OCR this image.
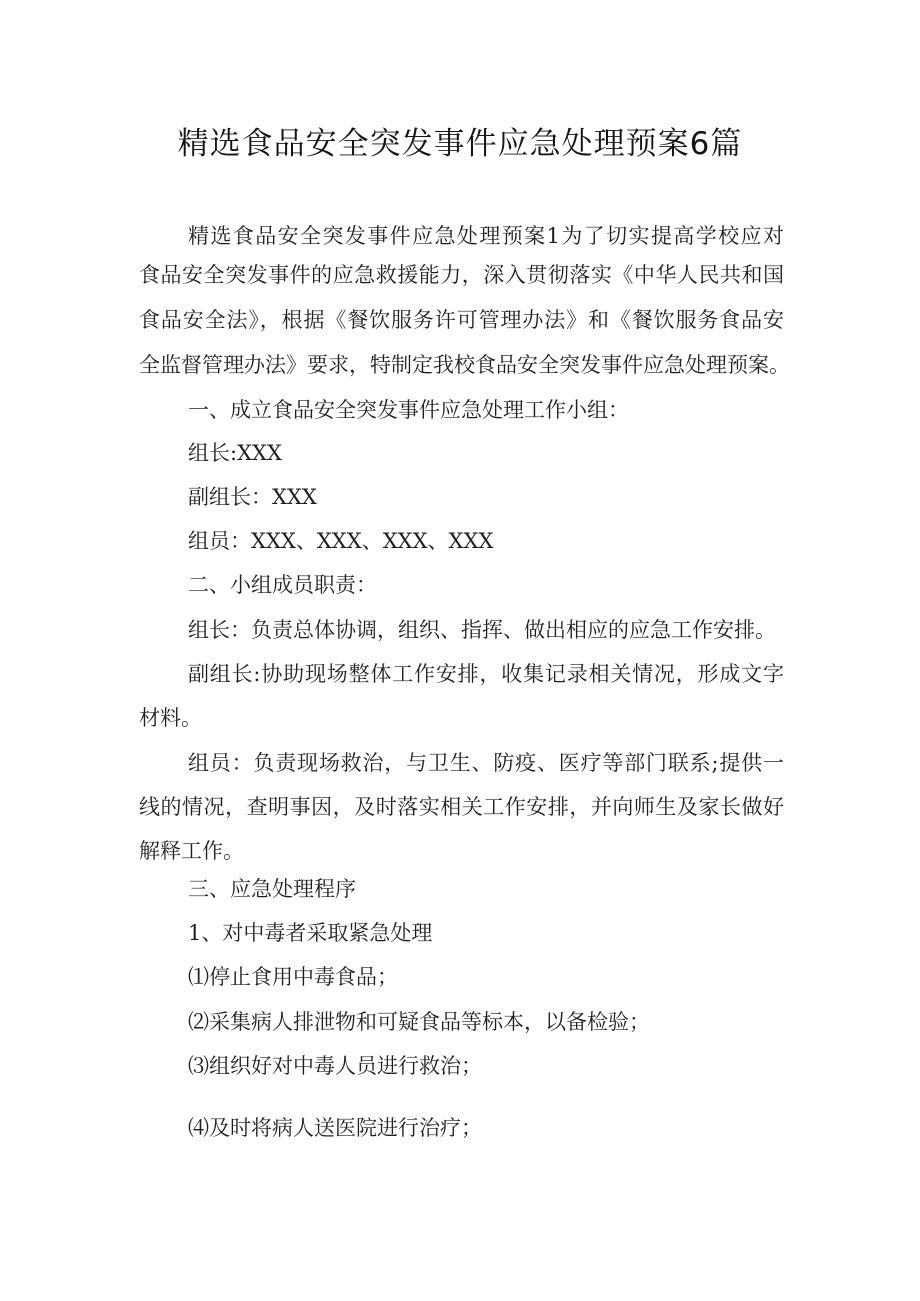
精选食品安全突发事件应急处理预案6篇
精选食品安全突发事件应急处理预案1为了切实提高学校应对
食品安全突发事件的应急救援能力，深入贯彻落实《中华人民共和国
食品安全法》，根据《餐饮服务许可管理办法》和《餐饮服务食品安
全监督管理办法》要求，特制定我校食品安全突发事件应急处理预案。
一、成立食品安全突发事件应急处理工作小组：
组长:XXX
副组长：XXX
组员：XXX、XXX、XXX、XXX
二、小组成员职责：
组长：负责总体协调，组织、指挥、做出相应的应急工作安排。
副组长:协助现场整体工作安排，收集记录相关情况，形成文字
材料。
组员：负责现场救治，与卫生、防疫、医疗等部门联系;提供一
线的情况，查明事因，及时落实相关工作安排，并向师生及家长做好
解释工作。
三、应急处理程序
1、对中毒者采取紧急处理
⑴停止食用中毒食品；
⑵采集病人排泄物和可疑食品等标本，以备检验；
⑶组织好对中毒人员进行救治；
⑷及时将病人送医院进行治疗；
